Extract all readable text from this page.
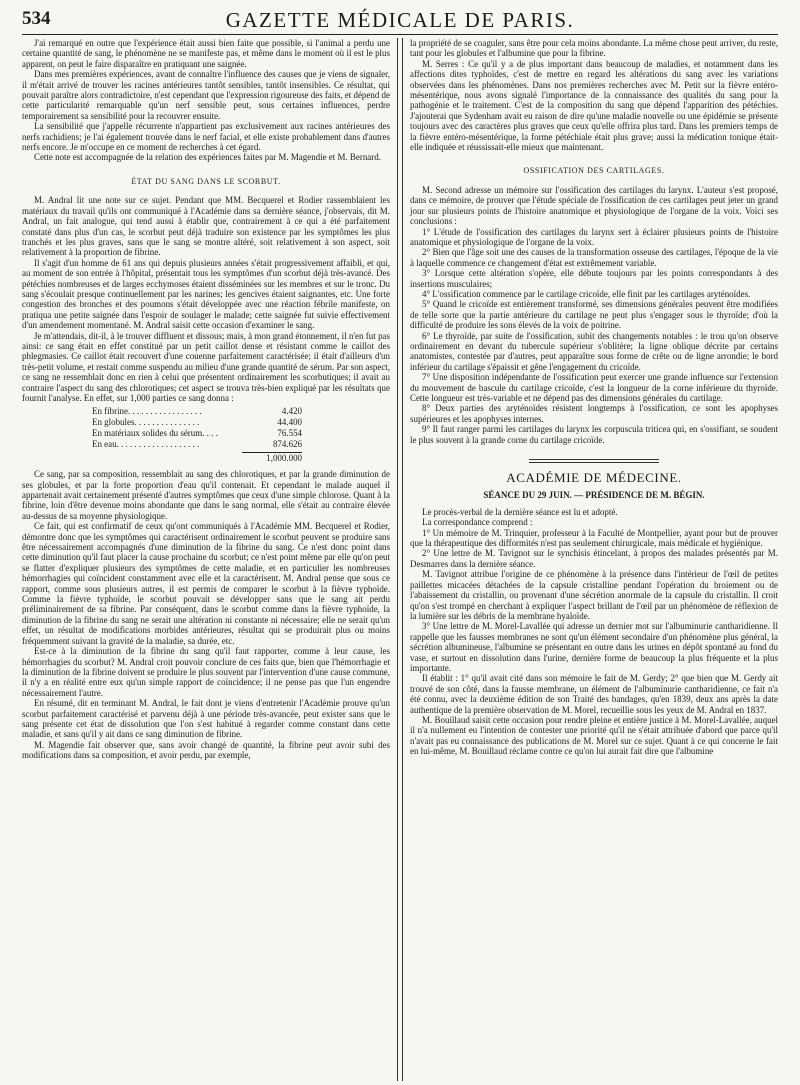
534	GAZETTE MÉDICALE DE PARIS.

J'ai remarqué en outre que l'expérience était aussi bien faite que possible, si l'animal a perdu une certaine quantité de sang, le phénomène ne se manifeste pas, et même dans le moment où il est le plus apparent, on peut le faire disparaître en pratiquant une saignée.

Dans mes premières expériences, avant de connaître l'influence des causes que je viens de signaler, il m'était arrivé de trouver les racines antérieures tantôt sensibles, tantôt insensibles. Ce résultat, qui pouvait paraître alors contradictoire, n'est cependant que l'expression rigoureuse des faits, et dépend de cette particularité remarquable qu'un nerf sensible peut, sous certaines influences, perdre temporairement sa sensibilité pour la recouvrer ensuite.

La sensibilité que j'appelle récurrente n'appartient pas exclusivement aux racines antérieures des nerfs rachidiens; je l'ai également trouvée dans le nerf facial, et elle existe probablement dans d'autres nerfs encore. Je m'occupe en ce moment de recherches à cet égard.

Cette note est accompagnée de la relation des expériences faites par M. Magendie et M. Bernard.

ÉTAT DU SANG DANS LE SCORBUT.

M. Andral lit une note sur ce sujet. Pendant que MM. Becquerel et Rodier rassemblaient les matériaux du travail qu'ils ont communiqué à l'Académie dans sa dernière séance, j'observais, dit M. Andral, un fait analogue, qui tend aussi à établir que, contrairement à ce qui a été parfaitement constaté dans plus d'un cas, le scorbut peut déjà traduire son existence par les symptômes les plus tranchés et les plus graves, sans que le sang se montre altéré, soit relativement à son aspect, soit relativement à la proportion de fibrine.

Il s'agit d'un homme de 61 ans qui depuis plusieurs années s'était progressivement affaibli, et qui, au moment de son entrée à l'hôpital, présentait tous les symptômes d'un scorbut déjà très-avancé. Des pétéchies nombreuses et de larges ecchymoses étaient disséminées sur les membres et sur le tronc. Du sang s'écoulait presque continuellement par les narines; les gencives étaient saignantes, etc. Une forte congestion des bronches et des poumons s'était développée avec une réaction fébrile manifeste, on pratiqua une petite saignée dans l'espoir de soulager le malade; cette saignée fut suivie effectivement d'un amendement momentané. M. Andral saisit cette occasion d'examiner le sang.

Je m'attendais, dit-il, à le trouver diffluent et dissous; mais, à mon grand étonnement, il n'en fut pas ainsi: ce sang était en effet constitué par un petit caillot dense et résistant comme le caillot des phlegmasies. Ce caillot était recouvert d'une couenne parfaitement caractérisée; il était d'ailleurs d'un très-petit volume, et restait comme suspendu au milieu d'une grande quantité de sérum. Par son aspect, ce sang ne ressemblait donc en rien à celui que présentent ordinairement les scorbutiques; il avait au contraire l'aspect du sang des chlorotiques; cet aspect se trouva très-bien expliqué par les résultats que fournit l'analyse. En effet, sur 1,000 parties ce sang donna :

En fibrine. . . . . . . . . . . . . . . . .	4.420
En globules. . . . . . . . . . . . . . .	44.400
En matériaux solides du sérum. . . .	76.554
En eau. . . . . . . . . . . . . . . . . . .	874.626
1,000.000

Ce sang, par sa composition, ressemblait au sang des chlorotiques, et par la grande diminution de ses globules, et par la forte proportion d'eau qu'il contenait. Et cependant le malade auquel il appartenait avait certainement présenté d'autres symptômes que ceux d'une simple chlorose. Quant à la fibrine, loin d'être devenue moins abondante que dans le sang normal, elle s'était au contraire élevée au-dessus de sa moyenne physiologique.

Ce fait, qui est confirmatif de ceux qu'ont communiqués à l'Académie MM. Becquerel et Rodier, démontre donc que les symptômes qui caractérisent ordinairement le scorbut peuvent se produire sans être nécessairement accompagnés d'une diminution de la fibrine du sang. Ce n'est donc point dans cette diminution qu'il faut placer la cause prochaine du scorbut; ce n'est point même par elle qu'on peut se flatter d'expliquer plusieurs des symptômes de cette maladie, et en particulier les nombreuses hémorrhagies qui coïncident constamment avec elle et la caractérisent. M. Andral pense que sous ce rapport, comme sous plusieurs autres, il est permis de comparer le scorbut à la fièvre typhoïde. Comme la fièvre typhoïde, le scorbut pouvait se développer sans que le sang ait perdu préliminairement de sa fibrine. Par conséquent, dans le scorbut comme dans la fièvre typhoïde, la diminution de la fibrine du sang ne serait une altération ni constante ni nécessaire; elle ne serait qu'un effet, un résultat de modifications morbides antérieures, résultat qui se produirait plus ou moins fréquemment suivant la gravité de la maladie, sa durée, etc.

Est-ce à la diminution de la fibrine du sang qu'il faut rapporter, comme à leur cause, les hémorrhagies du scorbut? M. Andral croit pouvoir conclure de ces faits que, bien que l'hémorrhagie et la diminution de la fibrine doivent se produire le plus souvent par l'intervention d'une cause commune, il n'y a en réalité entre eux qu'un simple rapport de coïncidence; il ne pense pas que l'un engendre nécessairement l'autre.

En résumé, dit en terminant M. Andral, le fait dont je viens d'entretenir l'Académie prouve qu'un scorbut parfaitement caractérisé et parvenu déjà à une période très-avancée, peut exister sans que le sang présente cet état de dissolution que l'on s'est habitué à regarder comme constant dans cette maladie, et sans qu'il y ait dans ce sang diminution de fibrine.

M. Magendie fait observer que, sans avoir changé de quantité, la fibrine peut avoir subi des modifications dans sa composition, et avoir perdu, par exemple,

la propriété de se coaguler, sans être pour cela moins abondante. La même chose peut arriver, du reste, tant pour les globules et l'albumine que pour la fibrine.

M. Serres : Ce qu'il y a de plus important dans beaucoup de maladies, et notamment dans les affections dites typhoïdes, c'est de mettre en regard les altérations du sang avec les variations observées dans les phénomènes. Dans nos premières recherches avec M. Petit sur la fièvre entéro-mésentérique, nous avons signalé l'importance de la connaissance des qualités du sang pour la pathogénie et le traitement. C'est de la composition du sang que dépend l'apparition des pétéchies. J'ajouterai que Sydenham avait eu raison de dire qu'une maladie nouvelle ou une épidémie se présente toujours avec des caractères plus graves que ceux qu'elle offrira plus tard. Dans les premiers temps de la fièvre entéro-mésentérique, la forme pétéchiale était plus grave; aussi la médication tonique était-elle indiquée et réussissait-elle mieux que maintenant.

OSSIFICATION DES CARTILAGES.

M. Second adresse un mémoire sur l'ossification des cartilages du larynx. L'auteur s'est proposé, dans ce mémoire, de prouver que l'étude spéciale de l'ossification de ces cartilages peut jeter un grand jour sur plusieurs points de l'histoire anatomique et physiologique de l'organe de la voix. Voici ses conclusions :

1° L'étude de l'ossification des cartilages du larynx sert à éclairer plusieurs points de l'histoire anatomique et physiologique de l'organe de la voix.

2° Bien que l'âge soit une des causes de la transformation osseuse des cartilages, l'époque de la vie à laquelle commence ce changement d'état est extrêmement variable.

3° Lorsque cette altération s'opère, elle débute toujours par les points correspondants à des insertions musculaires;

4° L'ossification commence par le cartilage cricoïde, elle finit par les cartilages aryténoïdes.

5° Quand le cricoïde est entièrement transformé, ses dimensions générales peuvent être modifiées de telle sorte que la partie antérieure du cartilage ne peut plus s'engager sous le thyroïde; d'où la difficulté de produire les sons élevés de la voix de poitrine.

6° Le thyroïde, par suite de l'ossification, subit des changements notables : le trou qu'on observe ordinairement en devant du tubercule supérieur s'oblitère; la ligne oblique décrite par certains anatomistes, contestée par d'autres, peut apparaître sous forme de crête ou de ligne arrondie; le bord inférieur du cartilage s'épaissit et gêne l'engagement du cricoïde.

7° Une disposition indépendante de l'ossification peut exercer une grande influence sur l'extension du mouvement de bascule du cartilage cricoïde, c'est la longueur de la corne inférieure du thyroïde. Cette longueur est très-variable et ne dépend pas des dimensions générales du cartilage.

8° Deux parties des aryténoïdes résistent longtemps à l'ossification, ce sont les apophyses supérieures et les apophyses internes.

9° Il faut ranger parmi les cartilages du larynx les corpuscula triticea qui, en s'ossifiant, se soudent le plus souvent à la grande corne du cartilage cricoïde.

ACADÉMIE DE MÉDECINE.
SÉANCE DU 29 JUIN. — PRÉSIDENCE DE M. BÉGIN.

Le procès-verbal de la dernière séance est lu et adopté.

La correspondance comprend :

1° Un mémoire de M. Trinquier, professeur à la Faculté de Montpellier, ayant pour but de prouver que la thérapeutique des difformités n'est pas seulement chirurgicale, mais médicale et hygiénique.

2° Une lettre de M. Tavignot sur le synchisis étincelant, à propos des malades présentés par M. Desmarres dans la dernière séance.

M. Tavignot attribue l'origine de ce phénomène à la présence dans l'intérieur de l'œil de petites paillettes micacées détachées de la capsule cristalline pendant l'opération du broiement ou de l'abaissement du cristallin, ou provenant d'une sécrétion anormale de la capsule du cristallin. Il croit qu'on s'est trompé en cherchant à expliquer l'aspect brillant de l'œil par un phénomène de réflexion de la lumière sur les débris de la membrane hyaloïde.

3° Une lettre de M. Morel-Lavallée qui adresse un dernier mot sur l'albuminurie cantharidienne. Il rappelle que les fausses membranes ne sont qu'un élément secondaire d'un phénomène plus général, la sécrétion albumineuse, l'albumine se présentant en outre dans les urines en dépôt spontané au fond du vase, et surtout en dissolution dans l'urine, dernière forme de beaucoup la plus fréquente et la plus importante.

Il établit : 1° qu'il avait cité dans son mémoire le fait de M. Gerdy; 2° que bien que M. Gerdy ait trouvé de son côté, dans la fausse membrane, un élément de l'albuminurie cantharidienne, ce fait n'a été connu, avec la deuxième édition de son Traité des bandages, qu'en 1839, deux ans après la date authentique de la première observation de M. Morel, recueillie sous les yeux de M. Andral en 1837.

M. Bouillaud saisit cette occasion pour rendre pleine et entière justice à M. Morel-Lavallée, auquel il n'a nullement eu l'intention de contester une priorité qu'il ne s'était attribuée d'abord que parce qu'il n'avait pas eu connaissance des publications de M. Morel sur ce sujet. Quant à ce qui concerne le fait en lui-même, M. Bouillaud réclame contre ce qu'on lui aurait fait dire que l'albumine
